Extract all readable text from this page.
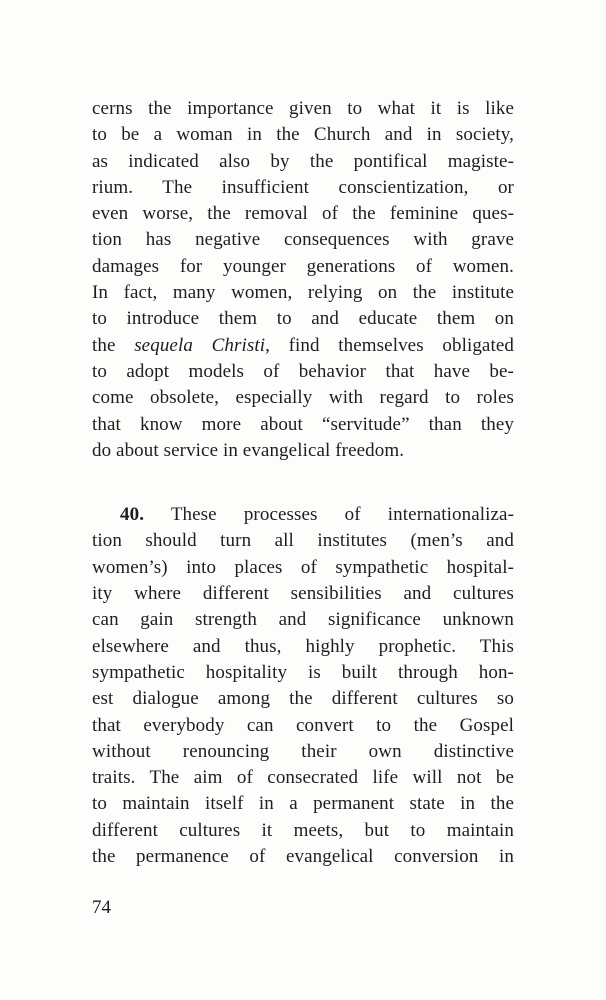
cerns the importance given to what it is like
to be a woman in the Church and in society,
as indicated also by the pontifical magiste-
rium. The insufficient conscientization, or
even worse, the removal of the feminine ques-
tion has negative consequences with grave
damages for younger generations of women.
In fact, many women, relying on the institute
to introduce them to and educate them on
the sequela Christi, find themselves obligated
to adopt models of behavior that have be-
come obsolete, especially with regard to roles
that know more about “servitude” than they
do about service in evangelical freedom.
40. These processes of internationaliza-
tion should turn all institutes (men’s and
women’s) into places of sympathetic hospital-
ity where different sensibilities and cultures
can gain strength and significance unknown
elsewhere and thus, highly prophetic. This
sympathetic hospitality is built through hon-
est dialogue among the different cultures so
that everybody can convert to the Gospel
without renouncing their own distinctive
traits. The aim of consecrated life will not be
to maintain itself in a permanent state in the
different cultures it meets, but to maintain
the permanence of evangelical conversion in
74
